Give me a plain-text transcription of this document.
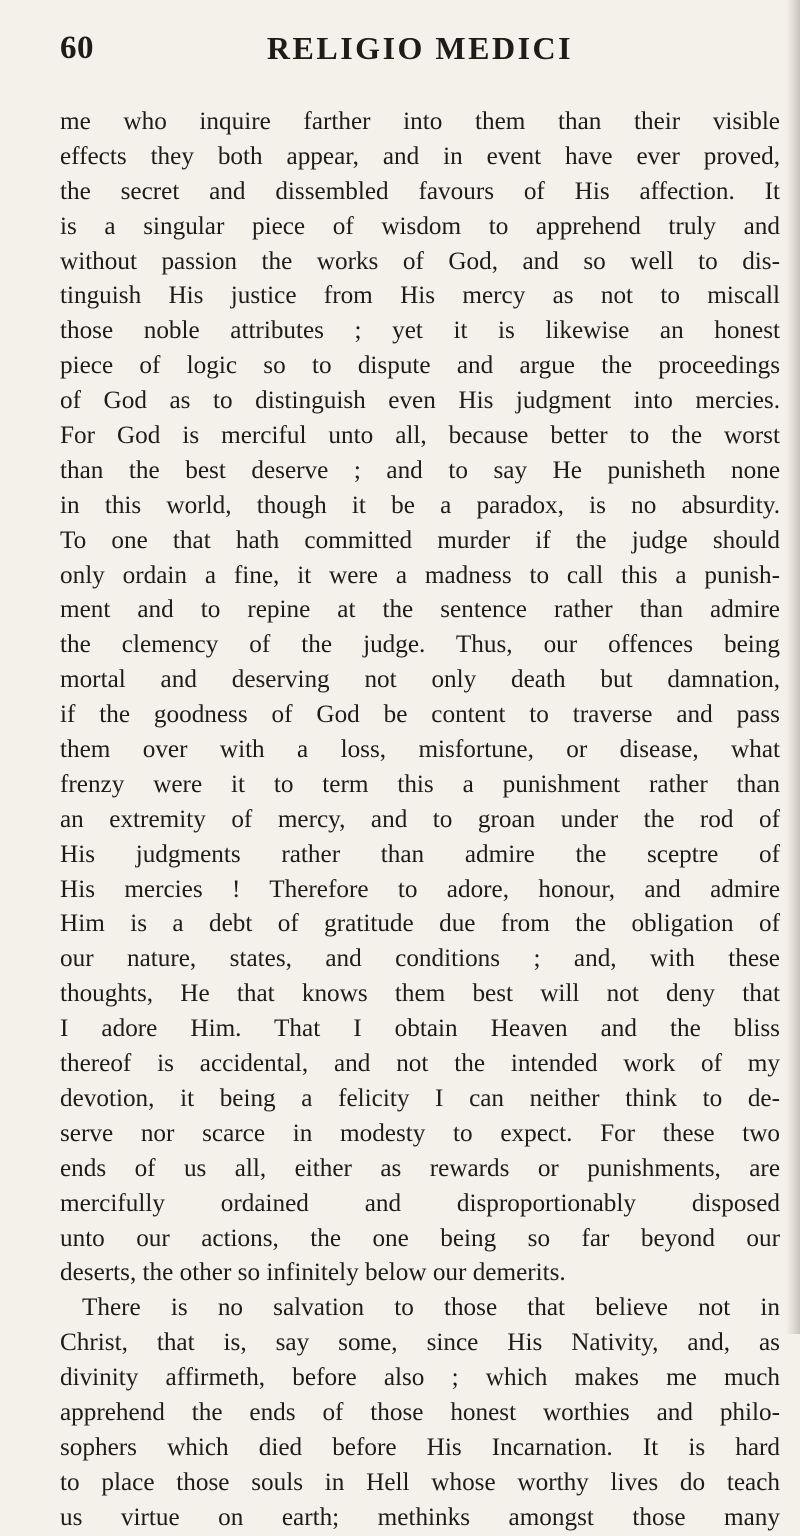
60	RELIGIO MEDICI
me who inquire farther into them than their visible
effects they both appear, and in event have ever proved,
the secret and dissembled favours of His affection. It
is a singular piece of wisdom to apprehend truly and
without passion the works of God, and so well to dis-
tinguish His justice from His mercy as not to miscall
those noble attributes ; yet it is likewise an honest
piece of logic so to dispute and argue the proceedings
of God as to distinguish even His judgment into mercies.
For God is merciful unto all, because better to the worst
than the best deserve ; and to say He punisheth none
in this world, though it be a paradox, is no absurdity.
To one that hath committed murder if the judge should
only ordain a fine, it were a madness to call this a punish-
ment and to repine at the sentence rather than admire
the clemency of the judge. Thus, our offences being
mortal and deserving not only death but damnation,
if the goodness of God be content to traverse and pass
them over with a loss, misfortune, or disease, what
frenzy were it to term this a punishment rather than
an extremity of mercy, and to groan under the rod of
His judgments rather than admire the sceptre of
His mercies ! Therefore to adore, honour, and admire
Him is a debt of gratitude due from the obligation of
our nature, states, and conditions ; and, with these
thoughts, He that knows them best will not deny that
I adore Him. That I obtain Heaven and the bliss
thereof is accidental, and not the intended work of my
devotion, it being a felicity I can neither think to de-
serve nor scarce in modesty to expect. For these two
ends of us all, either as rewards or punishments, are
mercifully ordained and disproportionably disposed
unto our actions, the one being so far beyond our
deserts, the other so infinitely below our demerits.
There is no salvation to those that believe not in
Christ, that is, say some, since His Nativity, and, as
divinity affirmeth, before also ; which makes me much
apprehend the ends of those honest worthies and philo-
sophers which died before His Incarnation. It is hard
to place those souls in Hell whose worthy lives do teach
us virtue on earth; methinks amongst those many
